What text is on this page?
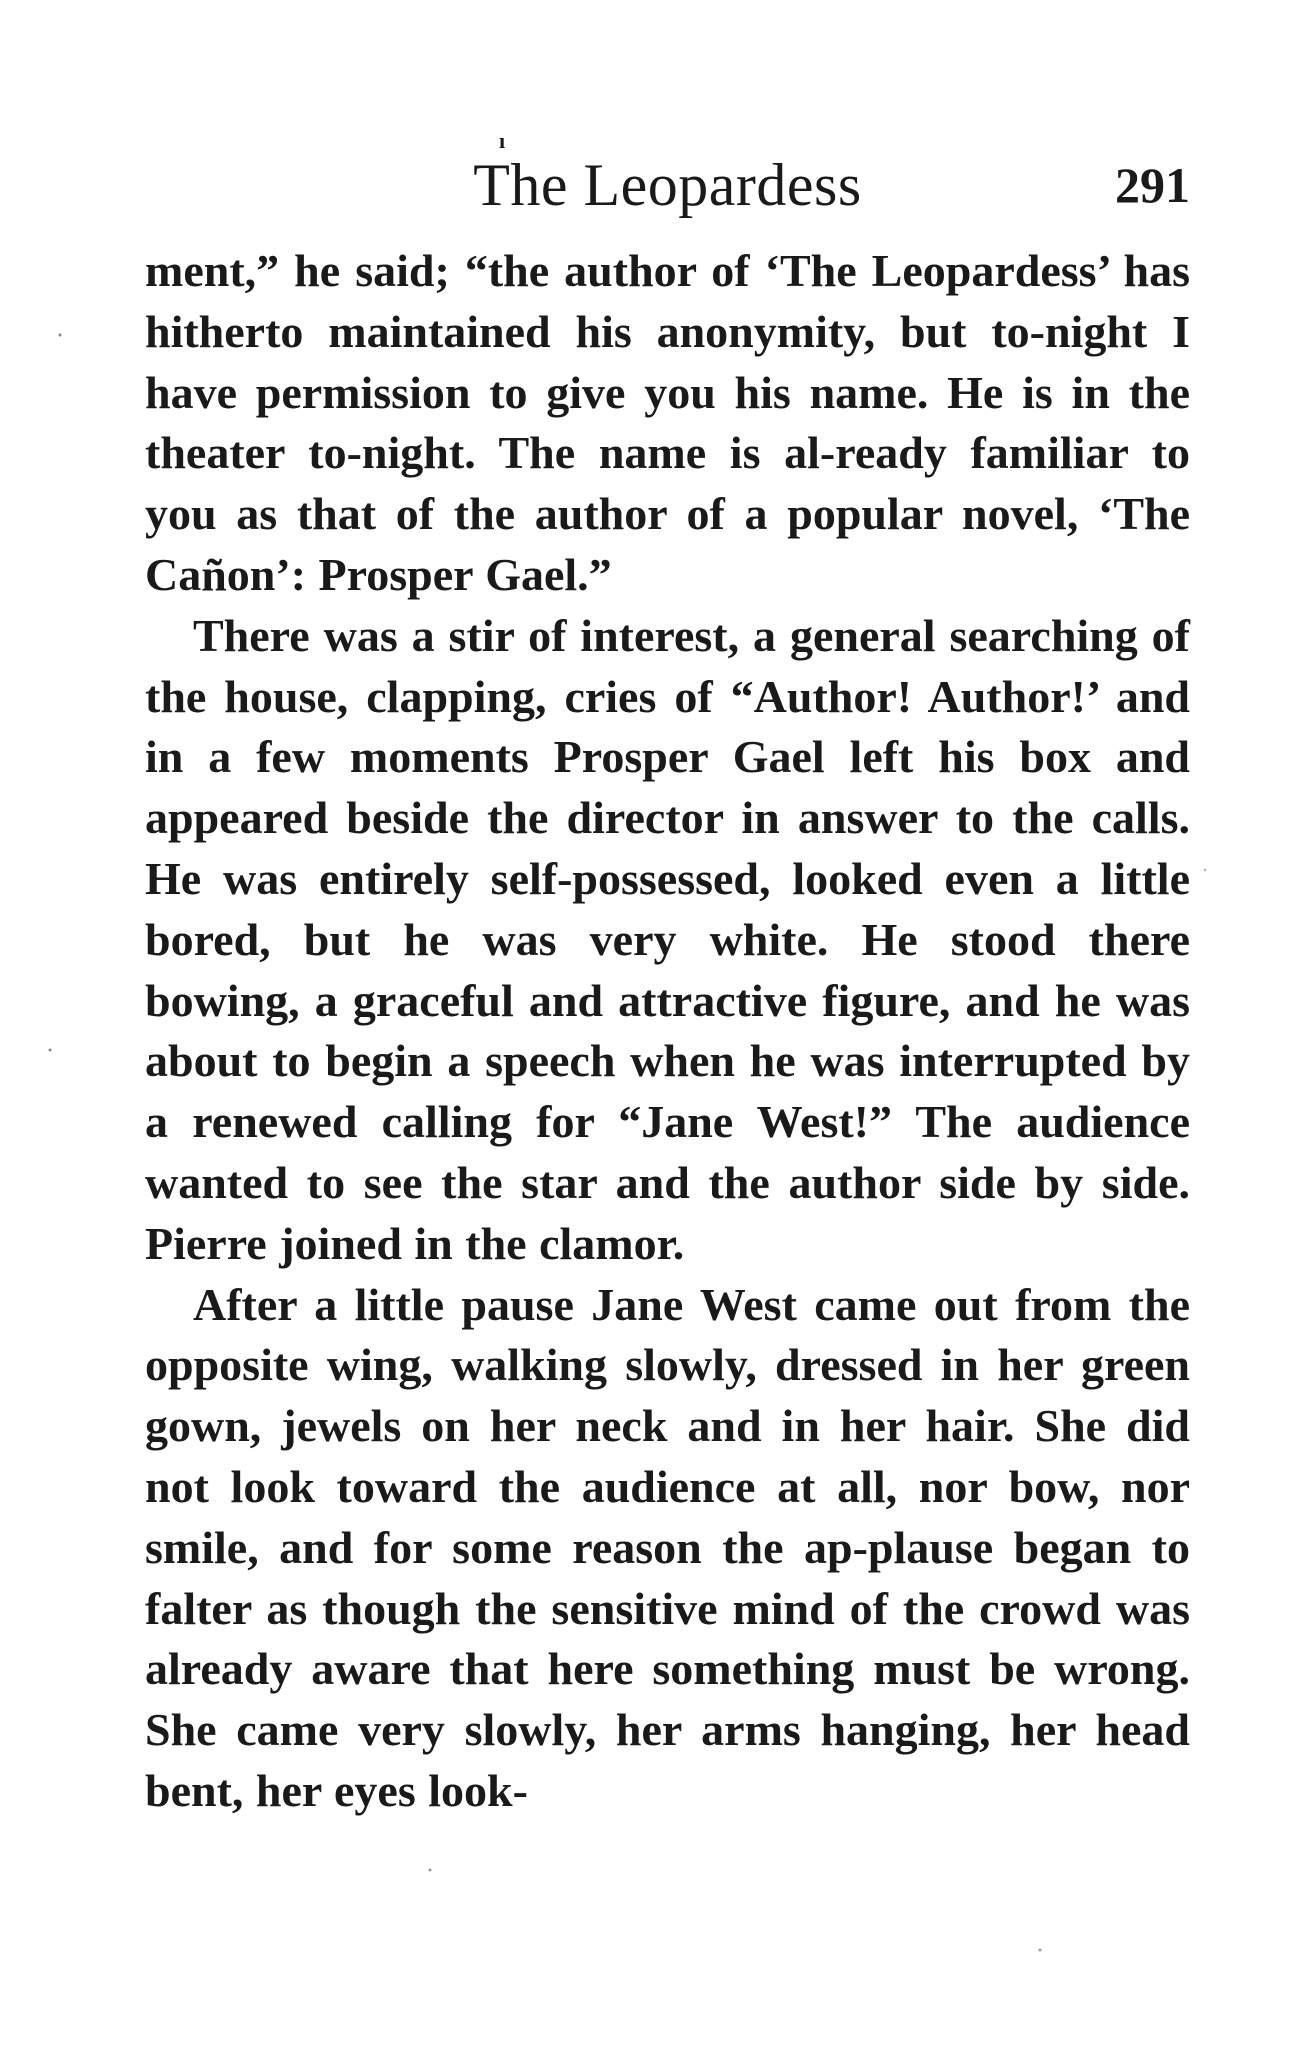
ı
The Leopardess	291

ment,” he said; “the author of ‘The Leopardess’ has hitherto maintained his anonymity, but to-night I have permission to give you his name. He is in the theater to-night. The name is al-ready familiar to you as that of the author of a popular novel, ‘The Cañon’: Prosper Gael.”

There was a stir of interest, a general searching of the house, clapping, cries of “Author! Author!’ and in a few moments Prosper Gael left his box and appeared beside the director in answer to the calls. He was entirely self-possessed, looked even a little bored, but he was very white. He stood there bowing, a graceful and attractive figure, and he was about to begin a speech when he was interrupted by a renewed calling for “Jane West!” The audience wanted to see the star and the author side by side. Pierre joined in the clamor.

After a little pause Jane West came out from the opposite wing, walking slowly, dressed in her green gown, jewels on her neck and in her hair. She did not look toward the audience at all, nor bow, nor smile, and for some reason the ap-plause began to falter as though the sensitive mind of the crowd was already aware that here something must be wrong. She came very slowly, her arms hanging, her head bent, her eyes look-
